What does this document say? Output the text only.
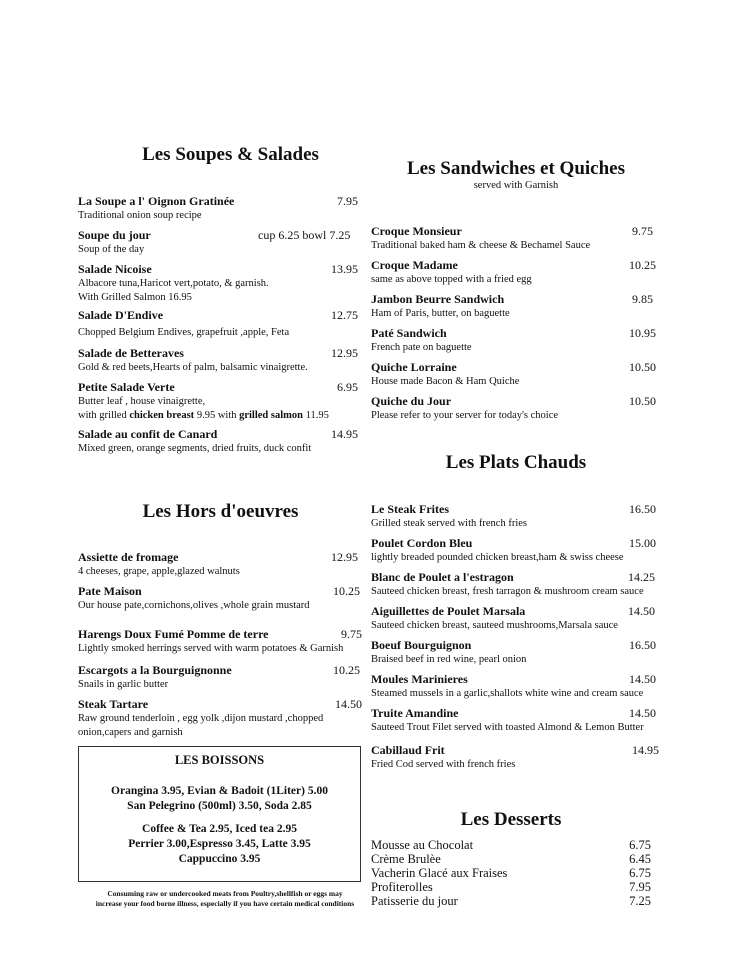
Les Soupes & Salades
La Soupe a l' Oignon Gratinée	7.95
Traditional onion soup recipe
Soupe du jour	cup 6.25 bowl 7.25
Soup of the day
Salade Nicoise	13.95
Albacore tuna,Haricot vert,potato, & garnish.
With Grilled Salmon 16.95
Salade D'Endive	12.75
Chopped Belgium Endives, grapefruit ,apple, Feta
Salade de Betteraves	12.95
Gold & red beets,Hearts of palm, balsamic vinaigrette.
Petite Salade Verte	6.95
Butter leaf , house vinaigrette,
with grilled chicken breast 9.95 with grilled salmon 11.95
Salade au confit de Canard	14.95
Mixed green, orange segments, dried fruits, duck confit
Les Hors d'oeuvres
Assiette de fromage	12.95
4 cheeses, grape, apple,glazed walnuts
Pate Maison	10.25
Our house pate,cornichons,olives ,whole grain mustard
Harengs Doux Fumé Pomme de terre	9.75
Lightly smoked herrings served with warm potatoes & Garnish
Escargots a la Bourguignonne	10.25
Snails in garlic butter
Steak Tartare	14.50
Raw ground tenderloin , egg yolk ,dijon mustard ,chopped
onion,capers and garnish
LES BOISSONS
Orangina 3.95, Evian & Badoit (1Liter) 5.00
San Pelegrino (500ml) 3.50, Soda 2.85
Coffee & Tea 2.95, Iced tea 2.95
Perrier 3.00,Espresso 3.45, Latte 3.95
Cappuccino 3.95
Consuming raw or undercooked meats from Poultry,shellfish or eggs may
increase your food borne illness, especially if you have certain medical conditions
Les Sandwiches et Quiches
served with Garnish
Croque Monsieur	9.75
Traditional baked ham & cheese & Bechamel Sauce
Croque Madame	10.25
same as above topped with a fried egg
Jambon Beurre Sandwich	9.85
Ham of Paris, butter, on baguette
Paté Sandwich	10.95
French pate on baguette
Quiche Lorraine	10.50
House made Bacon & Ham Quiche
Quiche du Jour	10.50
Please refer to your server for today's choice
Les Plats Chauds
Le Steak Frites	16.50
Grilled steak served with french fries
Poulet Cordon Bleu	15.00
lightly breaded pounded chicken breast,ham & swiss cheese
Blanc de Poulet a l'estragon	14.25
Sauteed chicken breast, fresh tarragon & mushroom cream sauce
Aiguillettes de Poulet Marsala	14.50
Sauteed chicken breast, sauteed mushrooms,Marsala sauce
Boeuf Bourguignon	16.50
Braised beef in red wine, pearl onion
Moules Marinieres	14.50
Steamed mussels in a garlic,shallots white wine and cream sauce
Truite Amandine	14.50
Sauteed Trout Filet served with toasted Almond & Lemon Butter
Cabillaud Frit	14.95
Fried Cod served with french fries
Les Desserts
Mousse au Chocolat	6.75
Crème Brulèe	6.45
Vacherin Glacé aux Fraises	6.75
Profiterolles	7.95
Patisserie du jour	7.25
